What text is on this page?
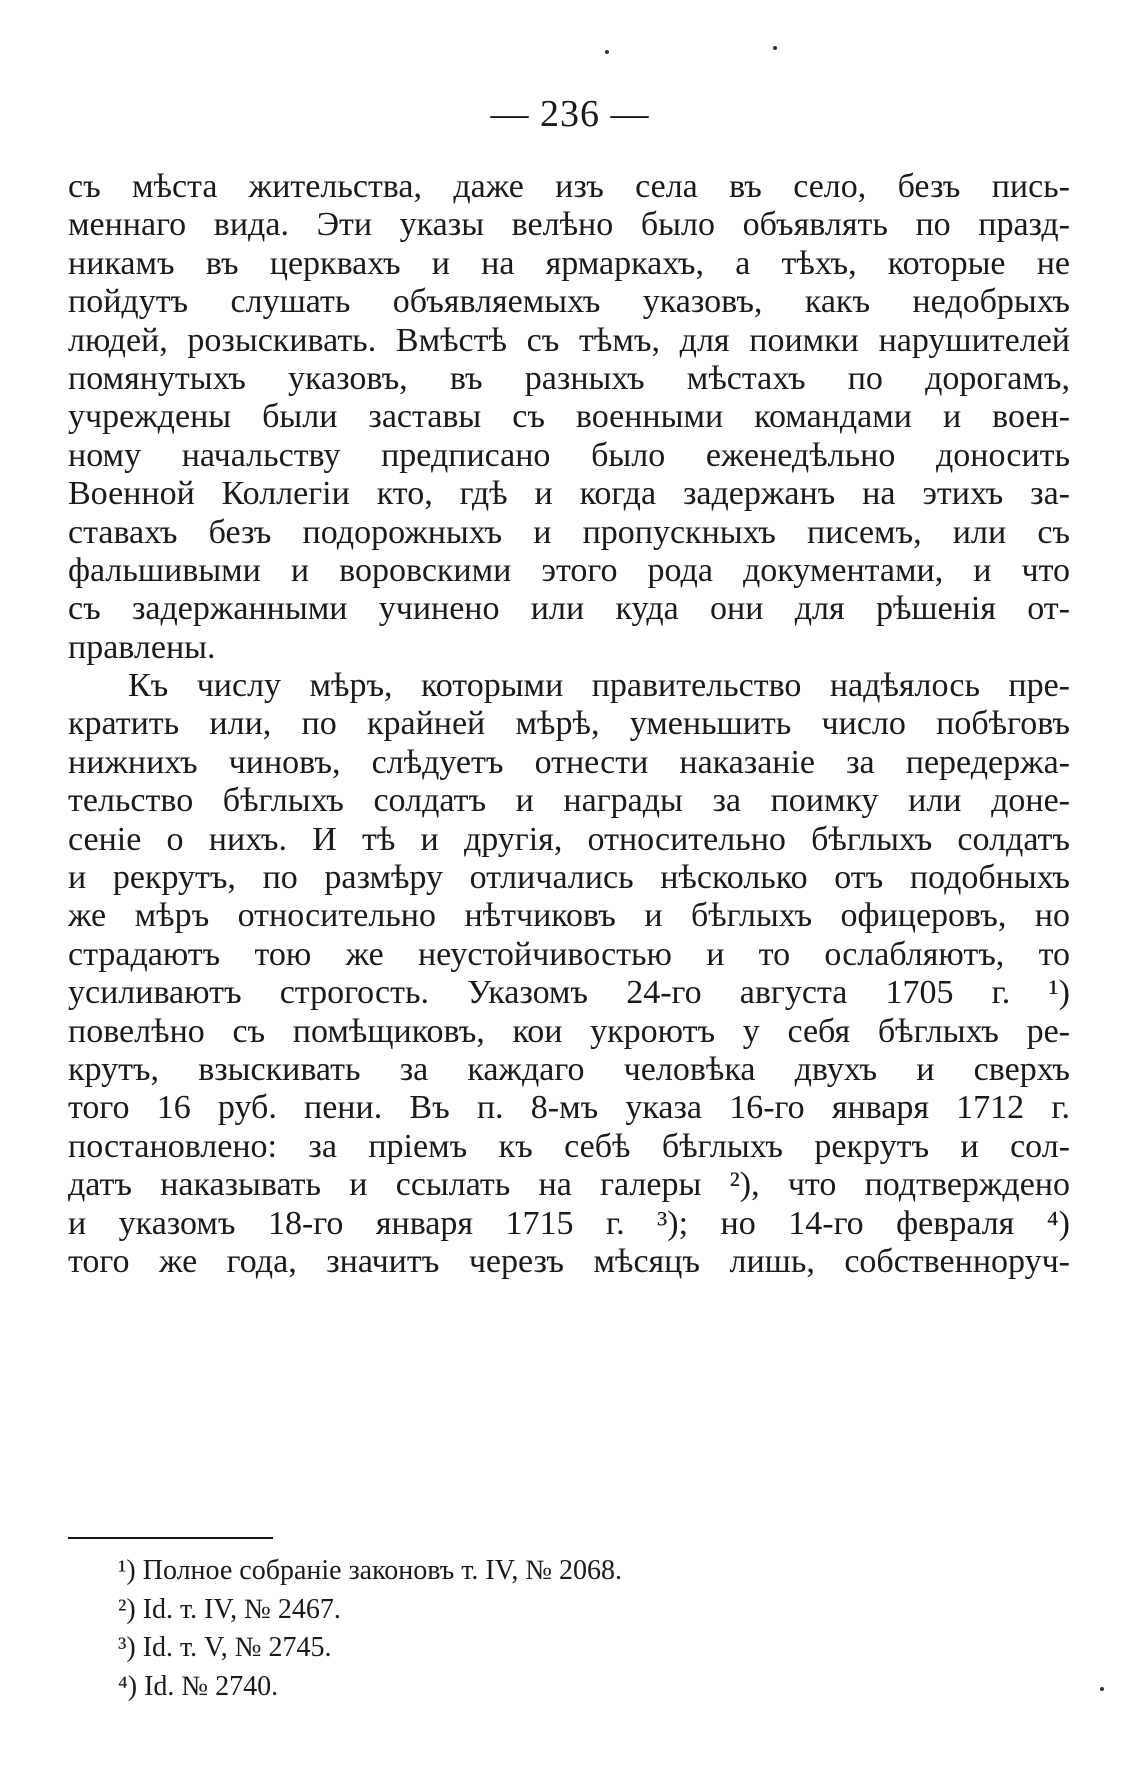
— 236 —
съ мѣста жительства, даже изъ села въ село, безъ пись-
меннаго вида. Эти указы велѣно было объявлять по празд-
никамъ въ церквахъ и на ярмаркахъ, а тѣхъ, которые не
пойдутъ слушать объявляемыхъ указовъ, какъ недобрыхъ
людей, розыскивать. Вмѣстѣ съ тѣмъ, для поимки нарушителей
помянутыхъ указовъ, въ разныхъ мѣстахъ по дорогамъ,
учреждены были заставы съ военными командами и воен-
ному начальству предписано было еженедѣльно доносить
Военной Коллегіи кто, гдѣ и когда задержанъ на этихъ за-
ставахъ безъ подорожныхъ и пропускныхъ писемъ, или съ
фальшивыми и воровскими этого рода документами, и что
съ задержанными учинено или куда они для рѣшенія от-
правлены.
Къ числу мѣръ, которыми правительство надѣялось пре-
кратить или, по крайней мѣрѣ, уменьшить число побѣговъ
нижнихъ чиновъ, слѣдуетъ отнести наказаніе за передержа-
тельство бѣглыхъ солдатъ и награды за поимку или доне-
сеніе о нихъ. И тѣ и другія, относительно бѣглыхъ солдатъ
и рекрутъ, по размѣру отличались нѣсколько отъ подобныхъ
же мѣръ относительно нѣтчиковъ и бѣглыхъ офицеровъ, но
страдаютъ тою же неустойчивостью и то ослабляютъ, то
усиливаютъ строгость. Указомъ 24-го августа 1705 г. ¹)
повелѣно съ помѣщиковъ, кои укроютъ у себя бѣглыхъ ре-
крутъ, взыскивать за каждаго человѣка двухъ и сверхъ
того 16 руб. пени. Въ п. 8-мъ указа 16-го января 1712 г.
постановлено: за пріемъ къ себѣ бѣглыхъ рекрутъ и сол-
датъ наказывать и ссылать на галеры ²), что подтверждено
и указомъ 18-го января 1715 г. ³); но 14-го февраля ⁴)
того же года, значитъ черезъ мѣсяцъ лишь, собственноруч-
¹) Полное собраніе законовъ т. IV, № 2068.
²) Id. т. IV, № 2467.
³) Id. т. V, № 2745.
⁴) Id. № 2740.
